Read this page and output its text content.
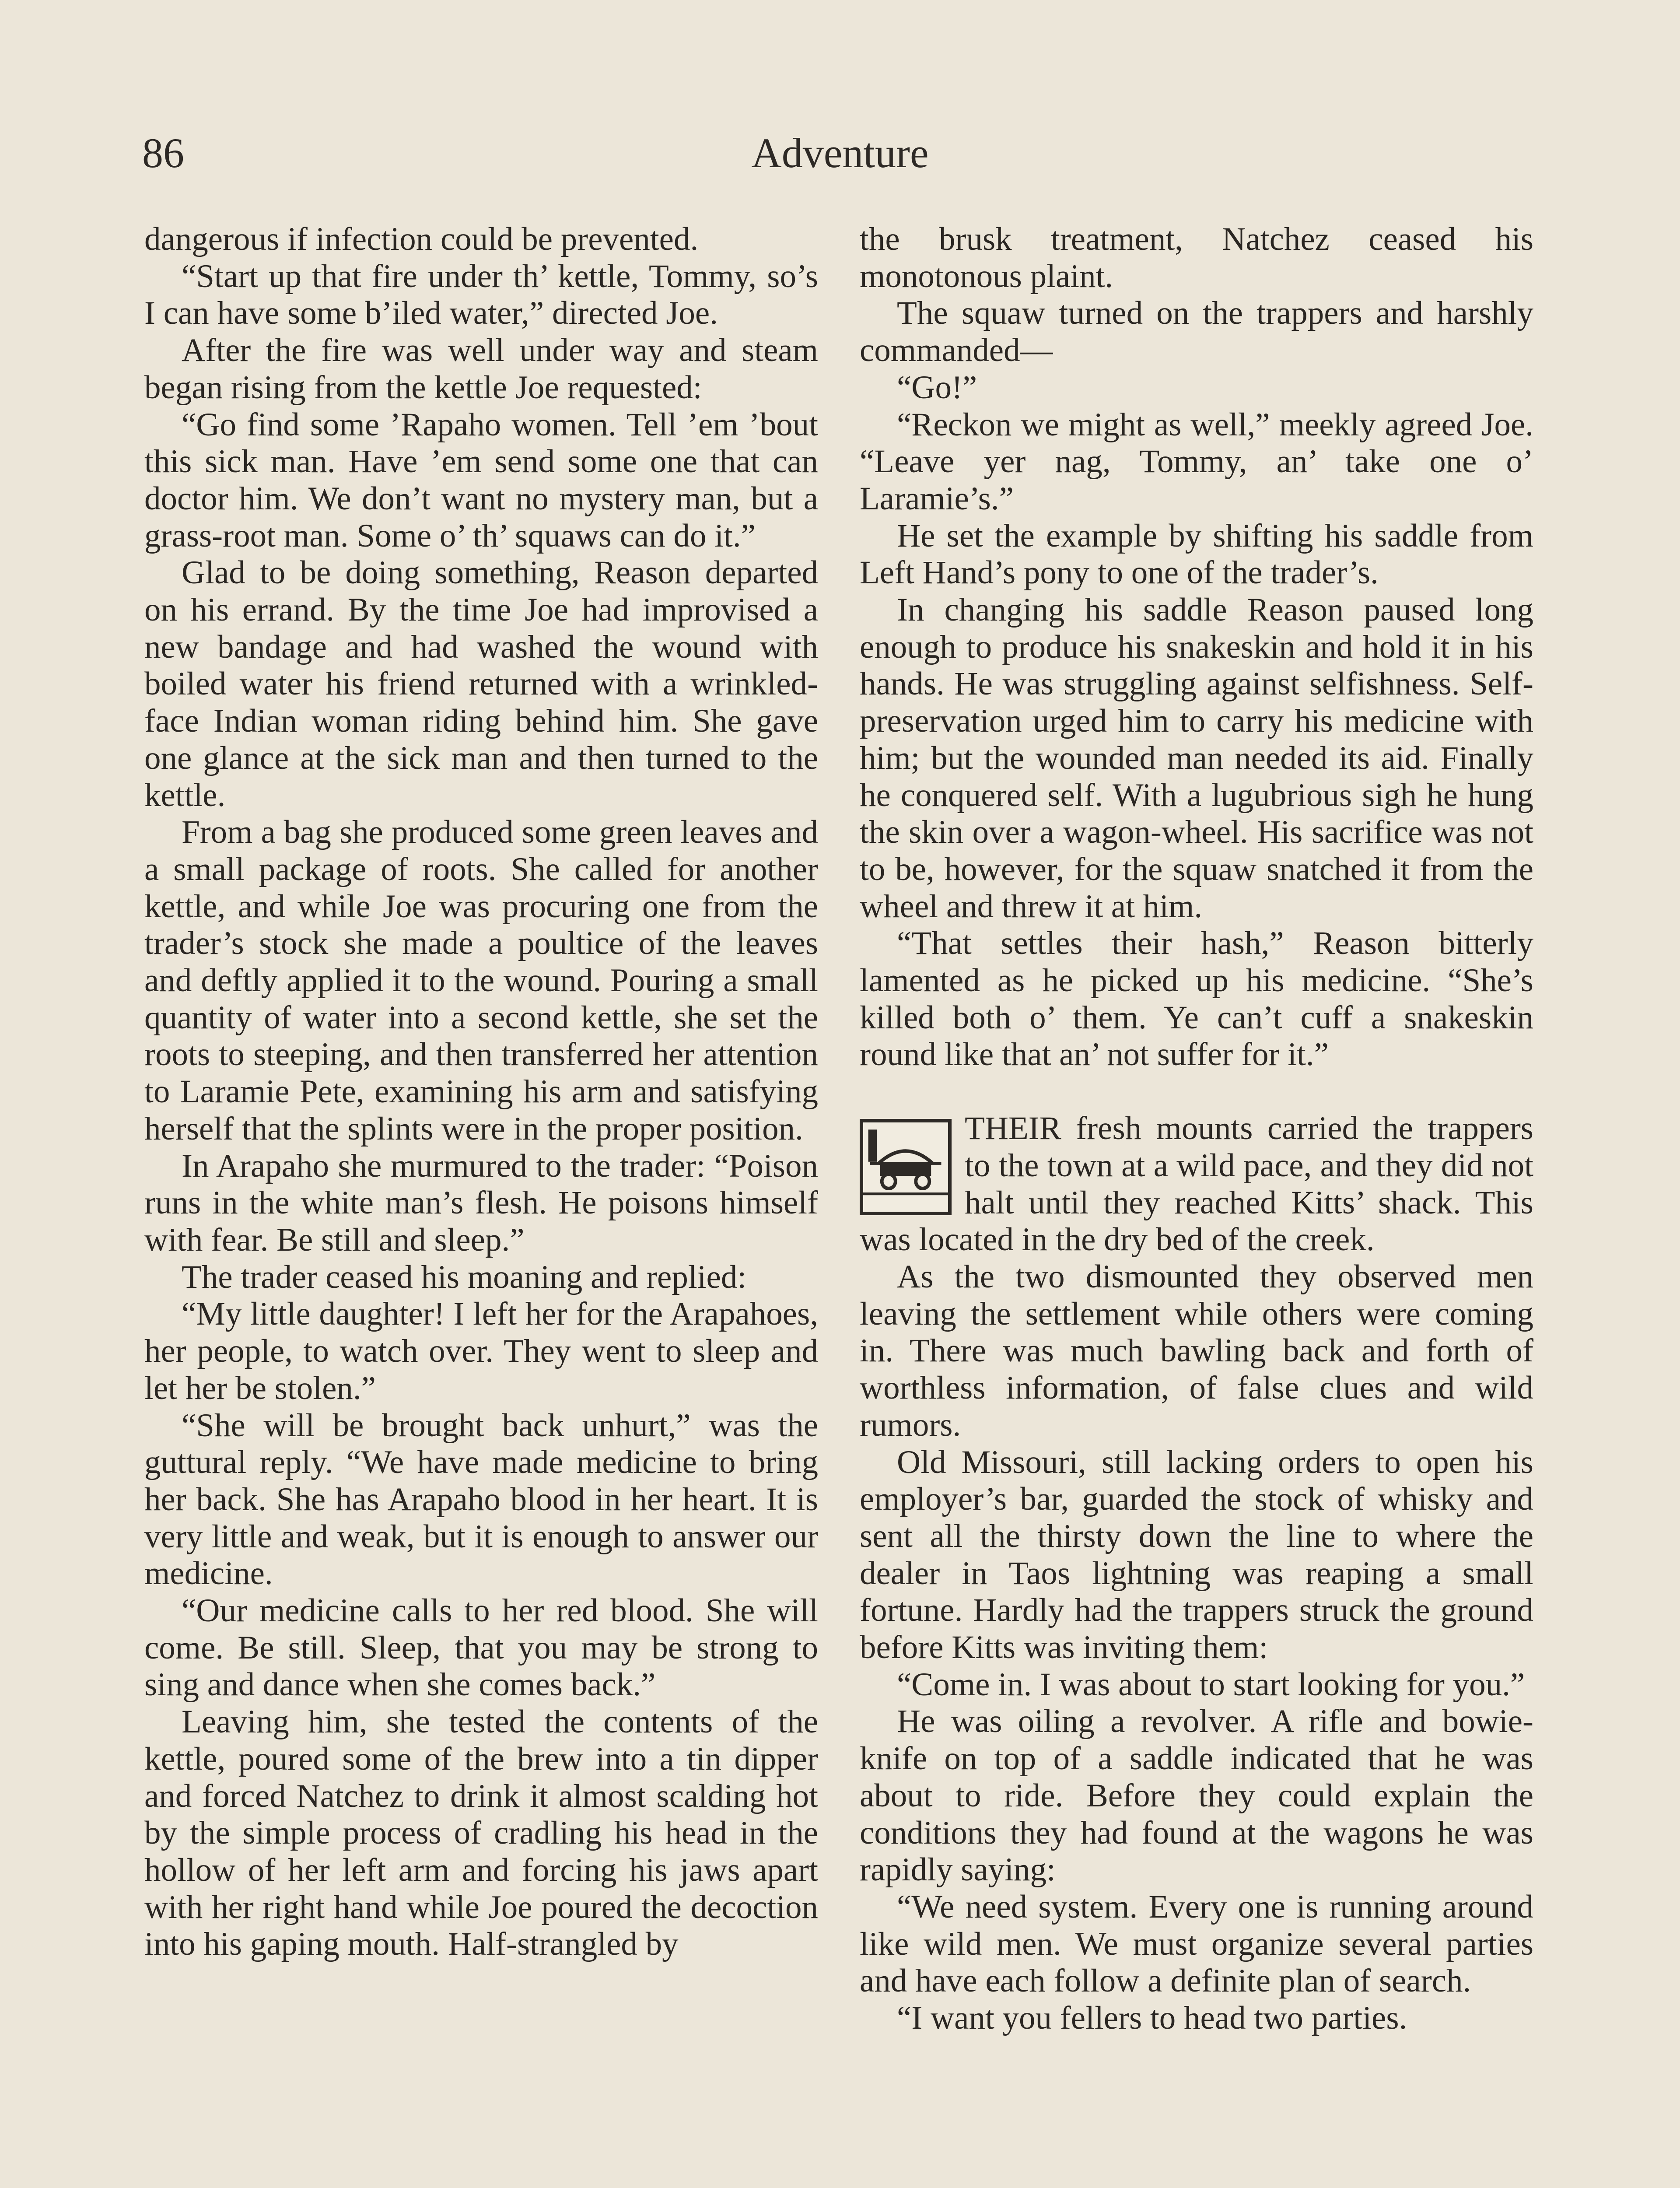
86	Adventure

dangerous if infection could be prevented.

“Start up that fire under th’ kettle, Tommy, so’s I can have some b’iled water,” directed Joe.

After the fire was well under way and steam began rising from the kettle Joe requested:

“Go find some ’Rapaho women. Tell ’em ’bout this sick man. Have ’em send some one that can doctor him. We don’t want no mystery man, but a grass-root man. Some o’ th’ squaws can do it.”

Glad to be doing something, Reason departed on his errand. By the time Joe had improvised a new bandage and had washed the wound with boiled water his friend returned with a wrinkled-face Indian woman riding behind him. She gave one glance at the sick man and then turned to the kettle.

From a bag she produced some green leaves and a small package of roots. She called for another kettle, and while Joe was procuring one from the trader’s stock she made a poultice of the leaves and deftly applied it to the wound. Pouring a small quantity of water into a second kettle, she set the roots to steeping, and then transferred her attention to Laramie Pete, examining his arm and satisfying herself that the splints were in the proper position.

In Arapaho she murmured to the trader: “Poison runs in the white man’s flesh. He poisons himself with fear. Be still and sleep.”

The trader ceased his moaning and replied:

“My little daughter! I left her for the Arapahoes, her people, to watch over. They went to sleep and let her be stolen.”

“She will be brought back unhurt,” was the guttural reply. “We have made medicine to bring her back. She has Arapaho blood in her heart. It is very little and weak, but it is enough to answer our medicine.

“Our medicine calls to her red blood. She will come. Be still. Sleep, that you may be strong to sing and dance when she comes back.”

Leaving him, she tested the contents of the kettle, poured some of the brew into a tin dipper and forced Natchez to drink it almost scalding hot by the simple process of cradling his head in the hollow of her left arm and forcing his jaws apart with her right hand while Joe poured the decoction into his gaping mouth. Half-strangled by

the brusk treatment, Natchez ceased his monotonous plaint.

The squaw turned on the trappers and harshly commanded—

“Go!”

“Reckon we might as well,” meekly agreed Joe. “Leave yer nag, Tommy, an’ take one o’ Laramie’s.”

He set the example by shifting his saddle from Left Hand’s pony to one of the trader’s.

In changing his saddle Reason paused long enough to produce his snakeskin and hold it in his hands. He was struggling against selfishness. Self-preservation urged him to carry his medicine with him; but the wounded man needed its aid. Finally he conquered self. With a lugubrious sigh he hung the skin over a wagon-wheel. His sacrifice was not to be, however, for the squaw snatched it from the wheel and threw it at him.

“That settles their hash,” Reason bitterly lamented as he picked up his medicine. “She’s killed both o’ them. Ye can’t cuff a snakeskin round like that an’ not suffer for it.”

THEIR fresh mounts carried the trappers to the town at a wild pace, and they did not halt until they reached Kitts’ shack. This was located in the dry bed of the creek.

As the two dismounted they observed men leaving the settlement while others were coming in. There was much bawling back and forth of worthless information, of false clues and wild rumors.

Old Missouri, still lacking orders to open his employer’s bar, guarded the stock of whisky and sent all the thirsty down the line to where the dealer in Taos lightning was reaping a small fortune. Hardly had the trappers struck the ground before Kitts was inviting them:

“Come in. I was about to start looking for you.”

He was oiling a revolver. A rifle and bowie-knife on top of a saddle indicated that he was about to ride. Before they could explain the conditions they had found at the wagons he was rapidly saying:

“We need system. Every one is running around like wild men. We must organize several parties and have each follow a definite plan of search.

“I want you fellers to head two parties.
